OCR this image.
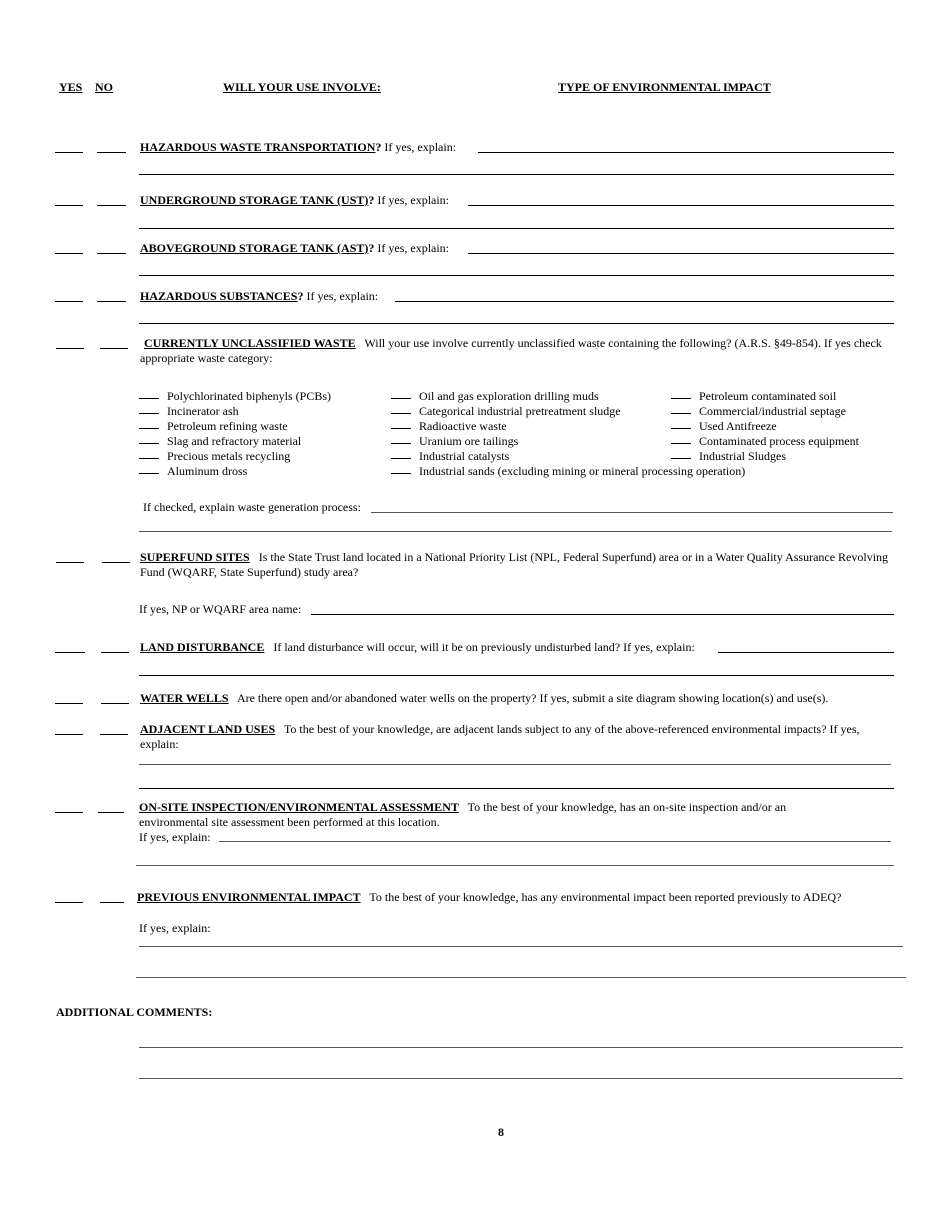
YES NO	WILL YOUR USE INVOLVE:	TYPE OF ENVIRONMENTAL IMPACT
HAZARDOUS WASTE TRANSPORTATION? If yes, explain:
UNDERGROUND STORAGE TANK (UST)? If yes, explain:
ABOVEGROUND STORAGE TANK (AST)? If yes, explain:
HAZARDOUS SUBSTANCES? If yes, explain:
CURRENTLY UNCLASSIFIED WASTE Will your use involve currently unclassified waste containing the following? (A.R.S. §49-854). If yes check appropriate waste category:
Polychlorinated biphenyls (PCBs)
Incinerator ash
Petroleum refining waste
Slag and refractory material
Precious metals recycling
Aluminum dross
Oil and gas exploration drilling muds
Categorical industrial pretreatment sludge
Radioactive waste
Uranium ore tailings
Industrial catalysts
Industrial sands (excluding mining or mineral processing operation)
Petroleum contaminated soil
Commercial/industrial septage
Used Antifreeze
Contaminated process equipment
Industrial Sludges
If checked, explain waste generation process:
SUPERFUND SITES Is the State Trust land located in a National Priority List (NPL, Federal Superfund) area or in a Water Quality Assurance Revolving Fund (WQARF, State Superfund) study area?
If yes, NP or WQARF area name:
LAND DISTURBANCE If land disturbance will occur, will it be on previously undisturbed land? If yes, explain:
WATER WELLS Are there open and/or abandoned water wells on the property? If yes, submit a site diagram showing location(s) and use(s).
ADJACENT LAND USES To the best of your knowledge, are adjacent lands subject to any of the above-referenced environmental impacts? If yes, explain:
ON-SITE INSPECTION/ENVIRONMENTAL ASSESSMENT To the best of your knowledge, has an on-site inspection and/or an environmental site assessment been performed at this location.
If yes, explain:
PREVIOUS ENVIRONMENTAL IMPACT To the best of your knowledge, has any environmental impact been reported previously to ADEQ?
If yes, explain:
ADDITIONAL COMMENTS:
8
